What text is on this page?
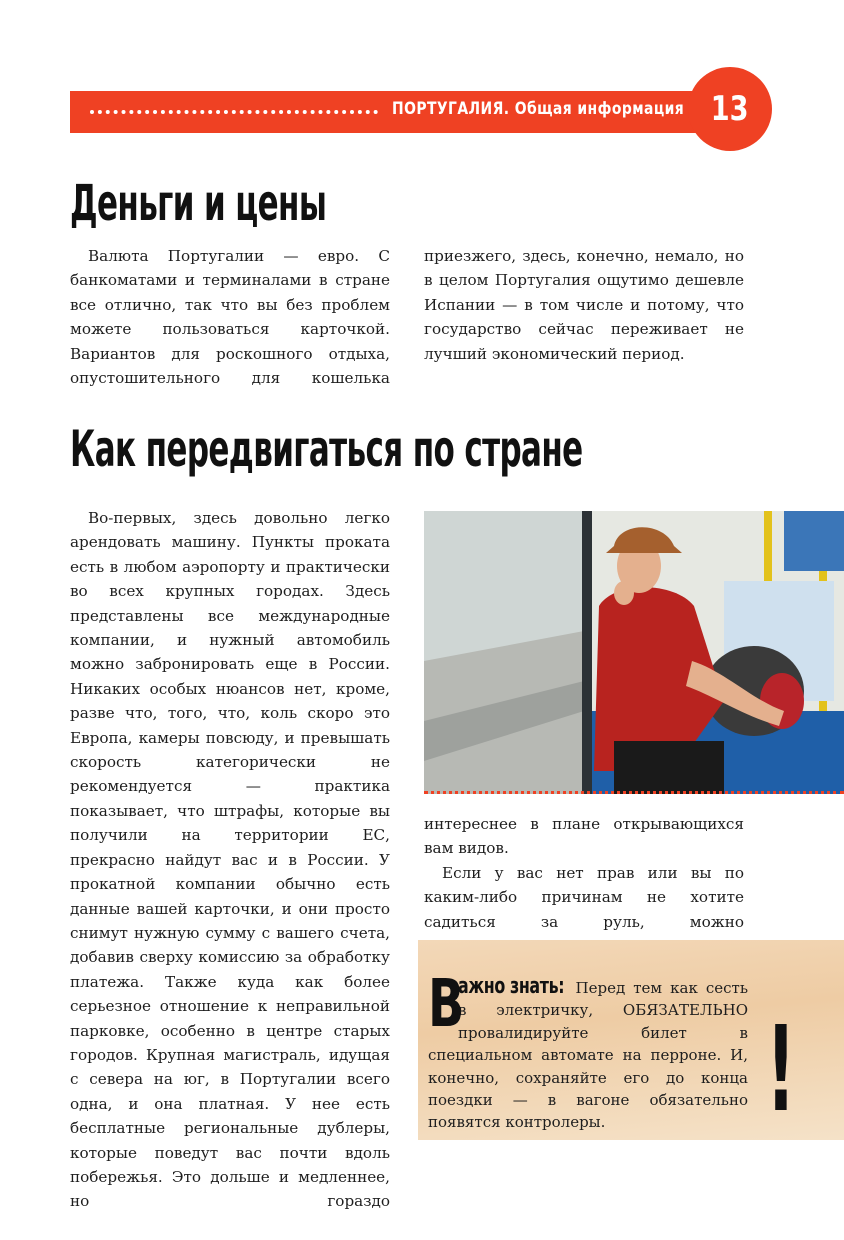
ПОРТУГАЛИЯ. Общая информация 13
Деньги и цены

Валюта Португалии — евро. С банкоматами и терминалами в стране все отлично, так что вы без проблем можете пользоваться карточкой. Вариантов для роскошного отдыха, опустошительного для кошелька

приезжего, здесь, конечно, немало, но в целом Португалия ощутимо дешевле Испании — в том числе и потому, что государство сейчас переживает не лучший экономический период.

Как передвигаться по стране

Во-первых, здесь довольно легко арендовать машину. Пункты проката есть в любом аэропорту и практически во всех крупных городах. Здесь представлены все международные компании, и нужный автомобиль можно забронировать еще в России. Никаких особых нюансов нет, кроме, разве что, того, что, коль скоро это Европа, камеры повсюду, и превышать скорость категорически не рекомендуется — практика показывает, что штрафы, которые вы получили на территории ЕС, прекрасно найдут вас и в России. У прокатной компании обычно есть данные вашей карточки, и они просто снимут нужную сумму с вашего счета, добавив сверху комиссию за обработку платежа. Также куда как более серьезное отношение к неправильной парковке, особенно в центре старых городов. Крупная магистраль, идущая с севера на юг, в Португалии всего одна, и она платная. У нее есть бесплатные региональные дублеры, которые поведут вас почти вдоль побережья. Это дольше и медленнее, но гораздо

интереснее в плане открывающихся вам видов.

Если у вас нет прав или вы по каким-либо причинам не хотите садиться за руль, можно

В
ажно знать: Перед тем как сесть в электричку, ОБЯЗАТЕЛЬНО провалидируйте билет в специальном автомате на перроне. И, конечно, сохраняйте его до конца поездки — в вагоне обязательно появятся контролеры.	!
